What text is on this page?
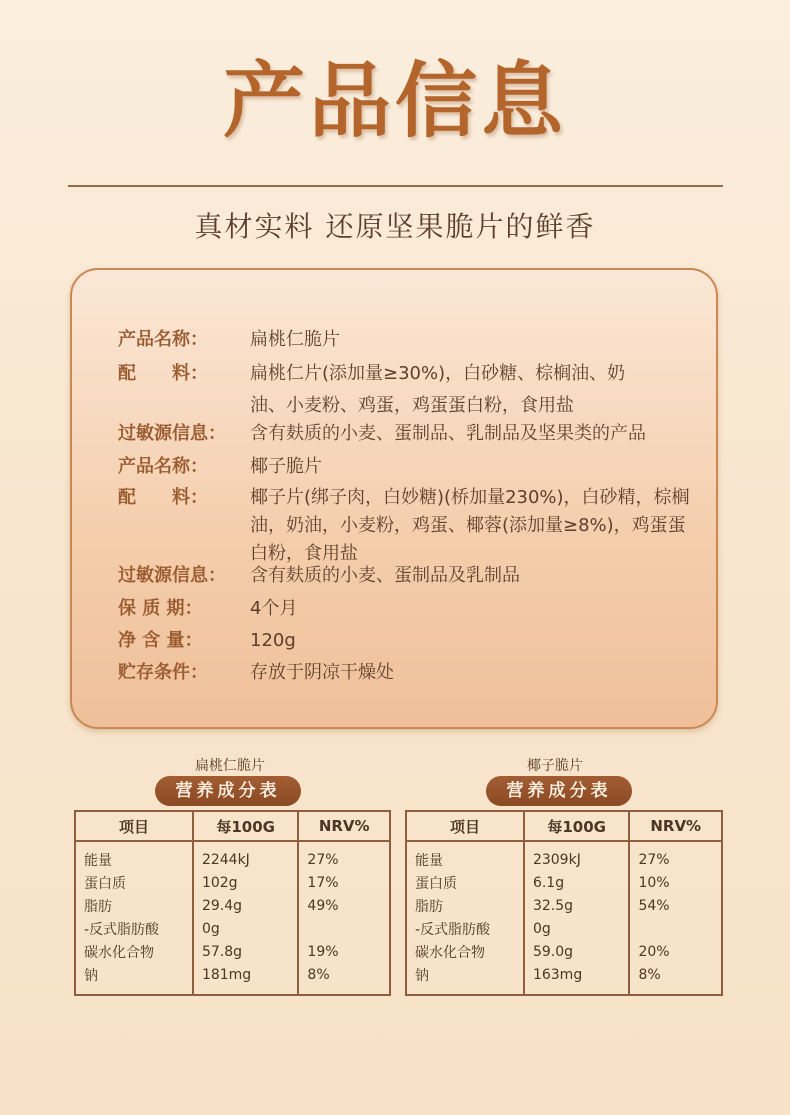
产品信息
真材实料 还原坚果脆片的鲜香
产品名称：	扁桃仁脆片
配　　料：	扁桃仁片(添加量≥30%)，白砂糖、棕榈油、奶油、小麦粉、鸡蛋，鸡蛋蛋白粉，食用盐
过敏源信息：	含有麸质的小麦、蛋制品、乳制品及坚果类的产品
产品名称：	椰子脆片
配　　料：	椰子片(绑子肉，白妙糖)(桥加量230%)，白砂精，棕榈油，奶油，小麦粉，鸡蛋、椰蓉(添加量≥8%)，鸡蛋蛋白粉，食用盐
过敏源信息：	含有麸质的小麦、蛋制品及乳制品
保 质 期：	4个月
净 含 量：	120g
贮存条件：	存放于阴凉干燥处
扁桃仁脆片
营养成分表
项目	每100G	NRV%
能量	2244kJ	27%
蛋白质	102g	17%
脂肪	29.4g	49%
-反式脂肪酸	0g	
碳水化合物	57.8g	19%
钠	181mg	8%
椰子脆片
营养成分表
项目	每100G	NRV%
能量	2309kJ	27%
蛋白质	6.1g	10%
脂肪	32.5g	54%
-反式脂肪酸	0g	
碳水化合物	59.0g	20%
钠	163mg	8%
